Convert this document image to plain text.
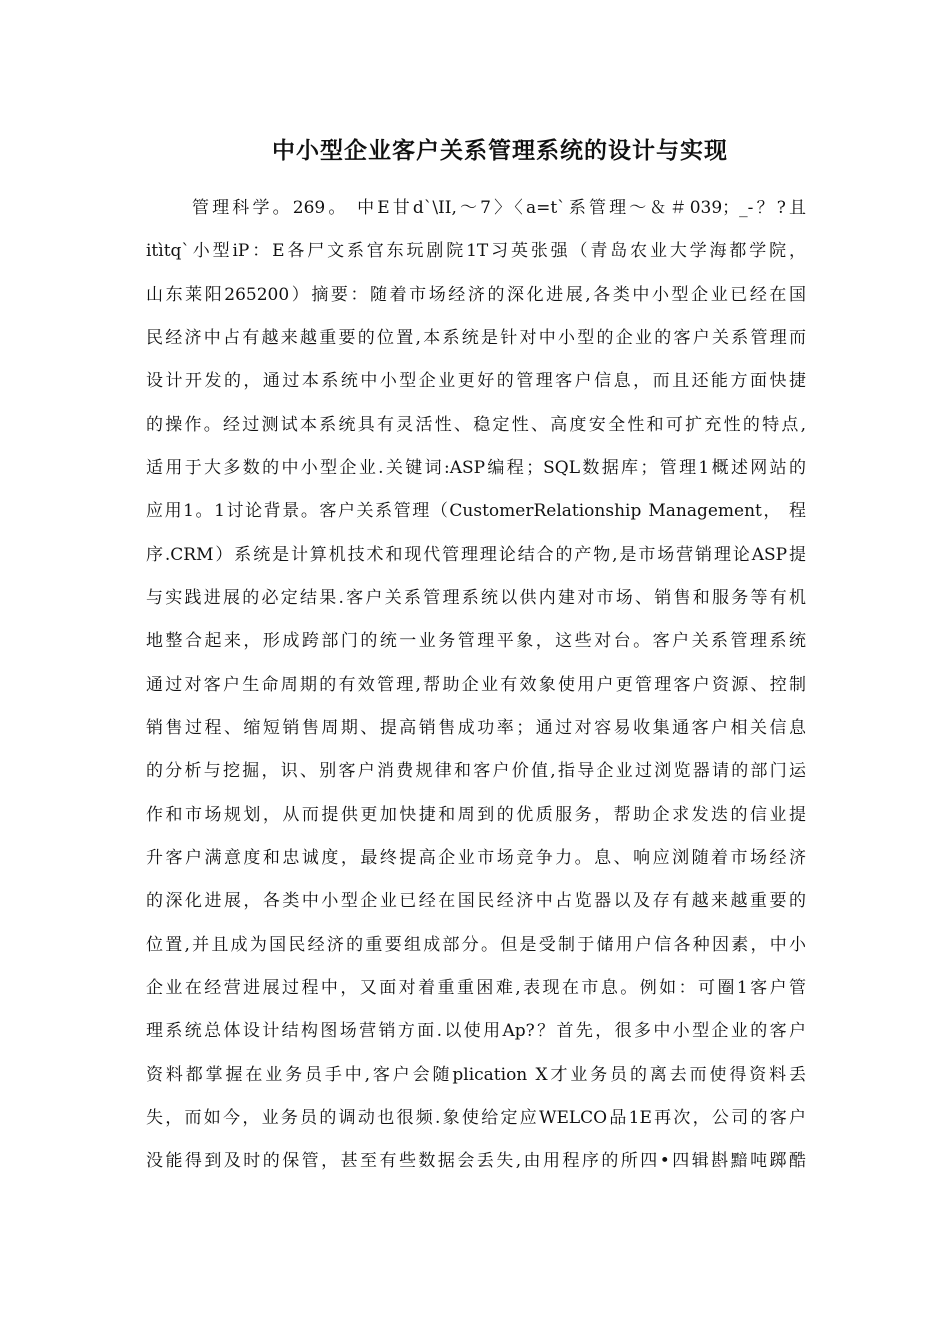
中小型企业客户关系管理系统的设计与实现
管理科学。269。 中E甘d`\II,～7〉〈a=t`系管理～＆＃039；_-？?且
itìtq`小型iP：E各尸文系官东玩剧院1T习英张强（青岛农业大学海都学院，
山东莱阳265200）摘要：随着市场经济的深化进展,各类中小型企业已经在国
民经济中占有越来越重要的位置,本系统是针对中小型的企业的客户关系管理而
设计开发的，通过本系统中小型企业更好的管理客户信息，而且还能方面快捷
的操作。经过测试本系统具有灵活性、稳定性、高度安全性和可扩充性的特点,
适用于大多数的中小型企业.关键词:ASP编程；SQL数据库；管理1概述网站的
应用1。1讨论背景。客户关系管理（CustomerRelationship Management， 程
序.CRM）系统是计算机技术和现代管理理论结合的产物,是市场营销理论ASP提
与实践进展的必定结果.客户关系管理系统以供内建对市场、销售和服务等有机
地整合起来，形成跨部门的统一业务管理平象，这些对台。客户关系管理系统
通过对客户生命周期的有效管理,帮助企业有效象使用户更管理客户资源、控制
销售过程、缩短销售周期、提高销售成功率；通过对容易收集通客户相关信息
的分析与挖掘，识、别客户消费规律和客户价值,指导企业过浏览器请的部门运
作和市场规划，从而提供更加快捷和周到的优质服务，帮助企求发迭的信业提
升客户满意度和忠诚度，最终提高企业市场竞争力。息、响应浏随着市场经济
的深化进展，各类中小型企业已经在国民经济中占览器以及存有越来越重要的
位置,并且成为国民经济的重要组成部分。但是受制于储用户信各种因素，中小
企业在经营进展过程中，又面对着重重困难,表现在市息。例如：可圈1客户管
理系统总体设计结构图场营销方面.以使用Ap?？首先，很多中小型企业的客户
资料都掌握在业务员手中,客户会随plication X才业务员的离去而使得资料丢
失，而如今，业务员的调动也很频.象使给定应WELCO品1E再次，公司的客户
没能得到及时的保管，甚至有些数据会丢失,由用程序的所四•四辑斟黯吨踯酷
